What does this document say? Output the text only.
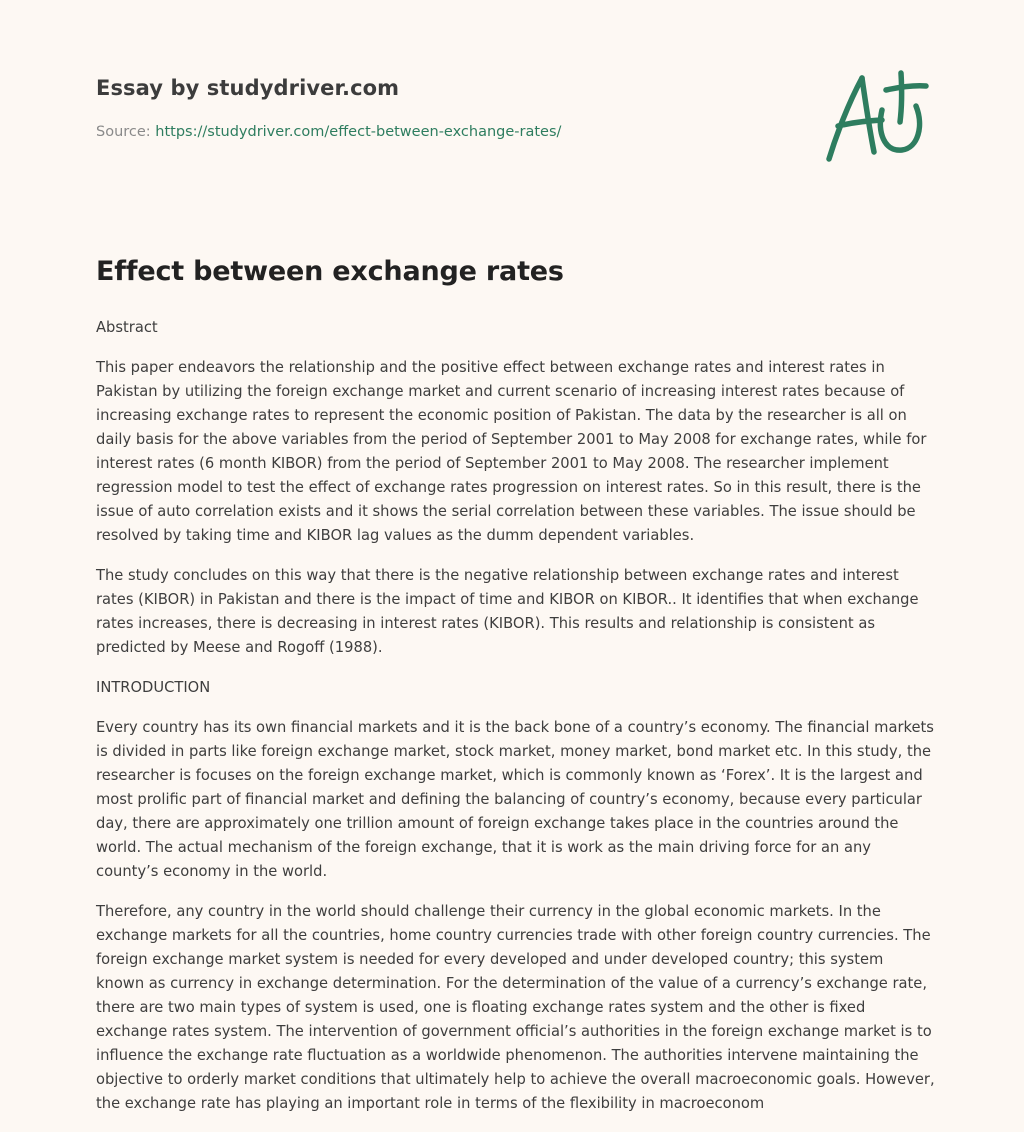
Essay by studydriver.com
Source: https://studydriver.com/effect-between-exchange-rates/
Effect between exchange rates

Abstract

This paper endeavors the relationship and the positive effect between exchange rates and interest rates in Pakistan by utilizing the foreign exchange market and current scenario of increasing interest rates because of increasing exchange rates to represent the economic position of Pakistan. The data by the researcher is all on daily basis for the above variables from the period of September 2001 to May 2008 for exchange rates, while for interest rates (6 month KIBOR) from the period of September 2001 to May 2008. The researcher implement regression model to test the effect of exchange rates progression on interest rates. So in this result, there is the issue of auto correlation exists and it shows the serial correlation between these variables. The issue should be resolved by taking time and KIBOR lag values as the dumm dependent variables.

The study concludes on this way that there is the negative relationship between exchange rates and interest rates (KIBOR) in Pakistan and there is the impact of time and KIBOR on KIBOR.. It identifies that when exchange rates increases, there is decreasing in interest rates (KIBOR). This results and relationship is consistent as predicted by Meese and Rogoff (1988).

INTRODUCTION

Every country has its own financial markets and it is the back bone of a country’s economy. The financial markets is divided in parts like foreign exchange market, stock market, money market, bond market etc. In this study, the researcher is focuses on the foreign exchange market, which is commonly known as ‘Forex’. It is the largest and most prolific part of financial market and defining the balancing of country’s economy, because every particular day, there are approximately one trillion amount of foreign exchange takes place in the countries around the world. The actual mechanism of the foreign exchange, that it is work as the main driving force for an any county’s economy in the world.

Therefore, any country in the world should challenge their currency in the global economic markets. In the exchange markets for all the countries, home country currencies trade with other foreign country currencies. The foreign exchange market system is needed for every developed and under developed country; this system known as currency in exchange determination. For the determination of the value of a currency’s exchange rate, there are two main types of system is used, one is floating exchange rates system and the other is fixed exchange rates system. The intervention of government official’s authorities in the foreign exchange market is to influence the exchange rate fluctuation as a worldwide phenomenon. The authorities intervene maintaining the objective to orderly market conditions that ultimately help to achieve the overall macroeconomic goals. However, the exchange rate has playing an important role in terms of the flexibility in macroeconom
